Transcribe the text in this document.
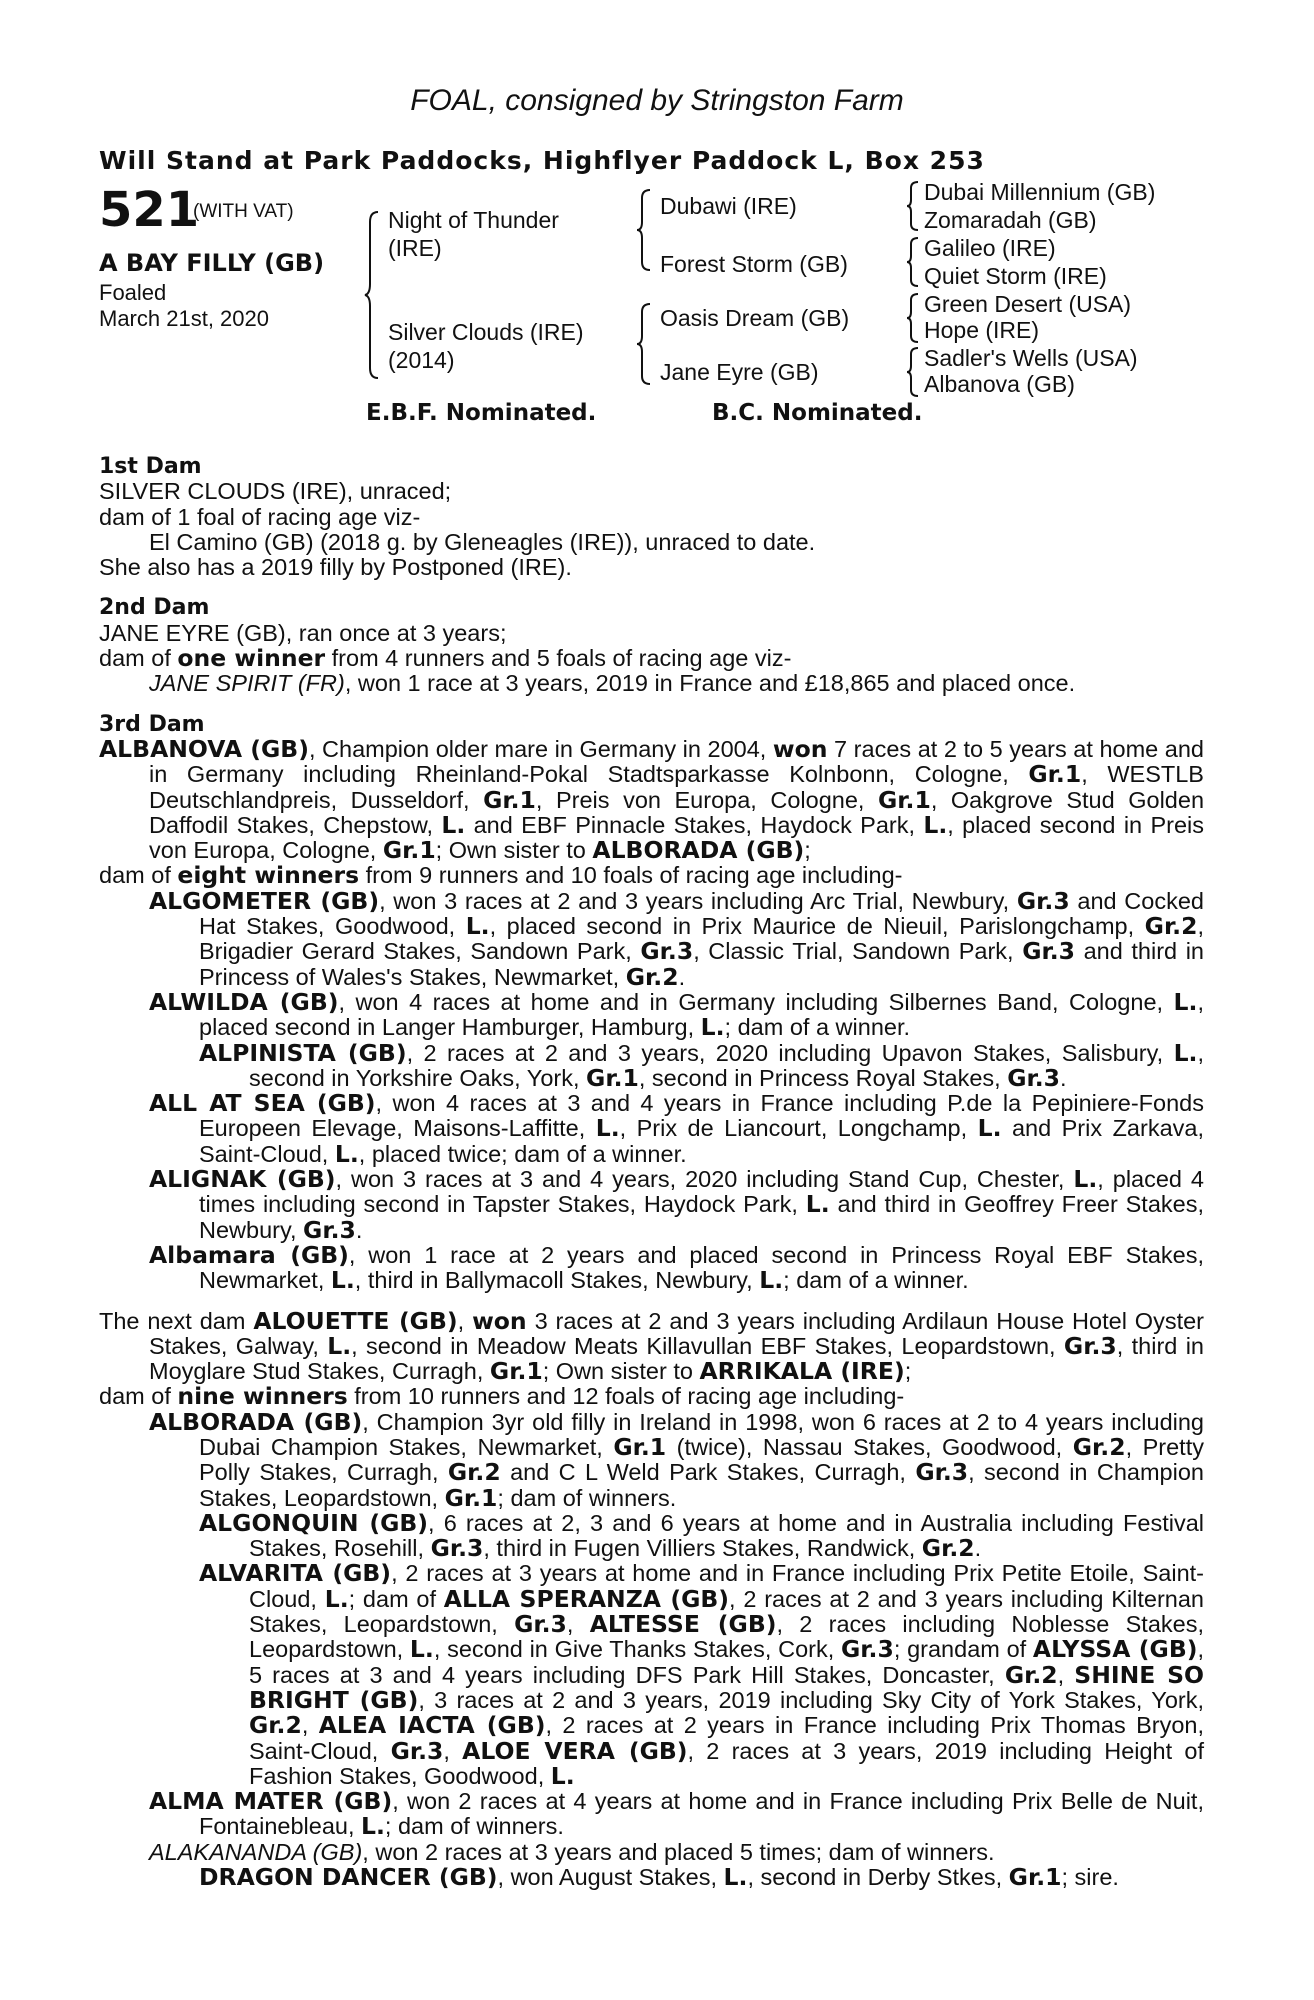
FOAL, consigned by Stringston Farm
Will Stand at Park Paddocks, Highflyer Paddock L, Box 253
521
(WITH VAT)
A BAY FILLY (GB)
Foaled
March 21st, 2020
Night of Thunder
(IRE)
Silver Clouds (IRE)
(2014)
Dubawi (IRE)
Forest Storm (GB)
Oasis Dream (GB)
Jane Eyre (GB)
Dubai Millennium (GB)
Zomaradah (GB)
Galileo (IRE)
Quiet Storm (IRE)
Green Desert (USA)
Hope (IRE)
Sadler's Wells (USA)
Albanova (GB)
E.B.F. Nominated.	B.C. Nominated.
1st Dam

SILVER CLOUDS (IRE), unraced;

dam of 1 foal of racing age viz-

El Camino (GB) (2018 g. by Gleneagles (IRE)), unraced to date.

She also has a 2019 filly by Postponed (IRE).

2nd Dam

JANE EYRE (GB), ran once at 3 years;

dam of one winner from 4 runners and 5 foals of racing age viz-

JANE SPIRIT (FR), won 1 race at 3 years, 2019 in France and £18,865 and placed once.

3rd Dam

ALBANOVA (GB), Champion older mare in Germany in 2004, won 7 races at 2 to 5 years at home and in Germany including Rheinland-Pokal Stadtsparkasse Kolnbonn, Cologne, Gr.1, WESTLB Deutschlandpreis, Dusseldorf, Gr.1, Preis von Europa, Cologne, Gr.1, Oakgrove Stud Golden Daffodil Stakes, Chepstow, L. and EBF Pinnacle Stakes, Haydock Park, L., placed second in Preis von Europa, Cologne, Gr.1; Own sister to ALBORADA (GB);

dam of eight winners from 9 runners and 10 foals of racing age including-

ALGOMETER (GB), won 3 races at 2 and 3 years including Arc Trial, Newbury, Gr.3 and Cocked Hat Stakes, Goodwood, L., placed second in Prix Maurice de Nieuil, Parislongchamp, Gr.2, Brigadier Gerard Stakes, Sandown Park, Gr.3, Classic Trial, Sandown Park, Gr.3 and third in Princess of Wales's Stakes, Newmarket, Gr.2.

ALWILDA (GB), won 4 races at home and in Germany including Silbernes Band, Cologne, L., placed second in Langer Hamburger, Hamburg, L.; dam of a winner.

ALPINISTA (GB), 2 races at 2 and 3 years, 2020 including Upavon Stakes, Salisbury, L., second in Yorkshire Oaks, York, Gr.1, second in Princess Royal Stakes, Gr.3.

ALL AT SEA (GB), won 4 races at 3 and 4 years in France including P.de la Pepiniere-Fonds Europeen Elevage, Maisons-Laffitte, L., Prix de Liancourt, Longchamp, L. and Prix Zarkava, Saint-Cloud, L., placed twice; dam of a winner.

ALIGNAK (GB), won 3 races at 3 and 4 years, 2020 including Stand Cup, Chester, L., placed 4 times including second in Tapster Stakes, Haydock Park, L. and third in Geoffrey Freer Stakes, Newbury, Gr.3.

Albamara (GB), won 1 race at 2 years and placed second in Princess Royal EBF Stakes, Newmarket, L., third in Ballymacoll Stakes, Newbury, L.; dam of a winner.

The next dam ALOUETTE (GB), won 3 races at 2 and 3 years including Ardilaun House Hotel Oyster Stakes, Galway, L., second in Meadow Meats Killavullan EBF Stakes, Leopardstown, Gr.3, third in Moyglare Stud Stakes, Curragh, Gr.1; Own sister to ARRIKALA (IRE);

dam of nine winners from 10 runners and 12 foals of racing age including-

ALBORADA (GB), Champion 3yr old filly in Ireland in 1998, won 6 races at 2 to 4 years including Dubai Champion Stakes, Newmarket, Gr.1 (twice), Nassau Stakes, Goodwood, Gr.2, Pretty Polly Stakes, Curragh, Gr.2 and C L Weld Park Stakes, Curragh, Gr.3, second in Champion Stakes, Leopardstown, Gr.1; dam of winners.

ALGONQUIN (GB), 6 races at 2, 3 and 6 years at home and in Australia including Festival Stakes, Rosehill, Gr.3, third in Fugen Villiers Stakes, Randwick, Gr.2.

ALVARITA (GB), 2 races at 3 years at home and in France including Prix Petite Etoile, Saint-Cloud, L.; dam of ALLA SPERANZA (GB), 2 races at 2 and 3 years including Kilternan Stakes, Leopardstown, Gr.3, ALTESSE (GB), 2 races including Noblesse Stakes, Leopardstown, L., second in Give Thanks Stakes, Cork, Gr.3; grandam of ALYSSA (GB), 5 races at 3 and 4 years including DFS Park Hill Stakes, Doncaster, Gr.2, SHINE SO BRIGHT (GB), 3 races at 2 and 3 years, 2019 including Sky City of York Stakes, York, Gr.2, ALEA IACTA (GB), 2 races at 2 years in France including Prix Thomas Bryon, Saint-Cloud, Gr.3, ALOE VERA (GB), 2 races at 3 years, 2019 including Height of Fashion Stakes, Goodwood, L.

ALMA MATER (GB), won 2 races at 4 years at home and in France including Prix Belle de Nuit, Fontainebleau, L.; dam of winners.

ALAKANANDA (GB), won 2 races at 3 years and placed 5 times; dam of winners.

DRAGON DANCER (GB), won August Stakes, L., second in Derby Stkes, Gr.1; sire.
